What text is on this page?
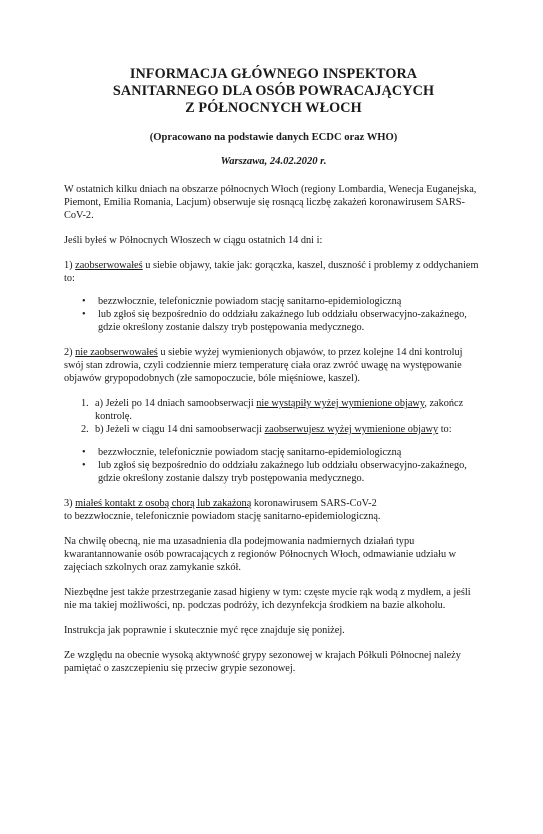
INFORMACJA GŁÓWNEGO INSPEKTORA
SANITARNEGO DLA OSÓB POWRACAJĄCYCH
Z PÓŁNOCNYCH WŁOCH
(Opracowano na podstawie danych ECDC oraz WHO)
Warszawa, 24.02.2020 r.

W ostatnich kilku dniach na obszarze północnych Włoch (regiony Lombardia, Wenecja Euganejska, Piemont, Emilia Romania, Lacjum) obserwuje się rosnącą liczbę zakażeń koronawirusem SARS-CoV-2.

Jeśli byłeś w Północnych Włoszech w ciągu ostatnich 14 dni i:

1) zaobserwowałeś u siebie objawy, takie jak: gorączka, kaszel, duszność i problemy z oddychaniem to:

• bezzwłocznie, telefonicznie powiadom stację sanitarno-epidemiologiczną
• lub zgłoś się bezpośrednio do oddziału zakaźnego lub oddziału obserwacyjno-zakaźnego, gdzie określony zostanie dalszy tryb postępowania medycznego.

2) nie zaobserwowałeś u siebie wyżej wymienionych objawów, to przez kolejne 14 dni kontroluj swój stan zdrowia, czyli codziennie mierz temperaturę ciała oraz zwróć uwagę na występowanie objawów grypopodobnych (złe samopoczucie, bóle mięśniowe, kaszel).

1. a) Jeżeli po 14 dniach samoobserwacji nie wystąpiły wyżej wymienione objawy, zakończ kontrolę.
2. b) Jeżeli w ciągu 14 dni samoobserwacji zaobserwujesz wyżej wymienione objawy to:
• bezzwłocznie, telefonicznie powiadom stację sanitarno-epidemiologiczną
• lub zgłoś się bezpośrednio do oddziału zakaźnego lub oddziału obserwacyjno-zakaźnego, gdzie określony zostanie dalszy tryb postępowania medycznego.

3) miałeś kontakt z osobą chorą lub zakażoną koronawirusem SARS-CoV-2
to bezzwłocznie, telefonicznie powiadom stację sanitarno-epidemiologiczną.

Na chwilę obecną, nie ma uzasadnienia dla podejmowania nadmiernych działań typu kwarantannowanie osób powracających z regionów Północnych Włoch, odmawianie udziału w zajęciach szkolnych oraz zamykanie szkół.

Niezbędne jest także przestrzeganie zasad higieny w tym: częste mycie rąk wodą z mydłem, a jeśli nie ma takiej możliwości, np. podczas podróży, ich dezynfekcja środkiem na bazie alkoholu.

Instrukcja jak poprawnie i skutecznie myć ręce znajduje się poniżej.

Ze względu na obecnie wysoką aktywność grypy sezonowej w krajach Półkuli Północnej należy pamiętać o zaszczepieniu się przeciw grypie sezonowej.
